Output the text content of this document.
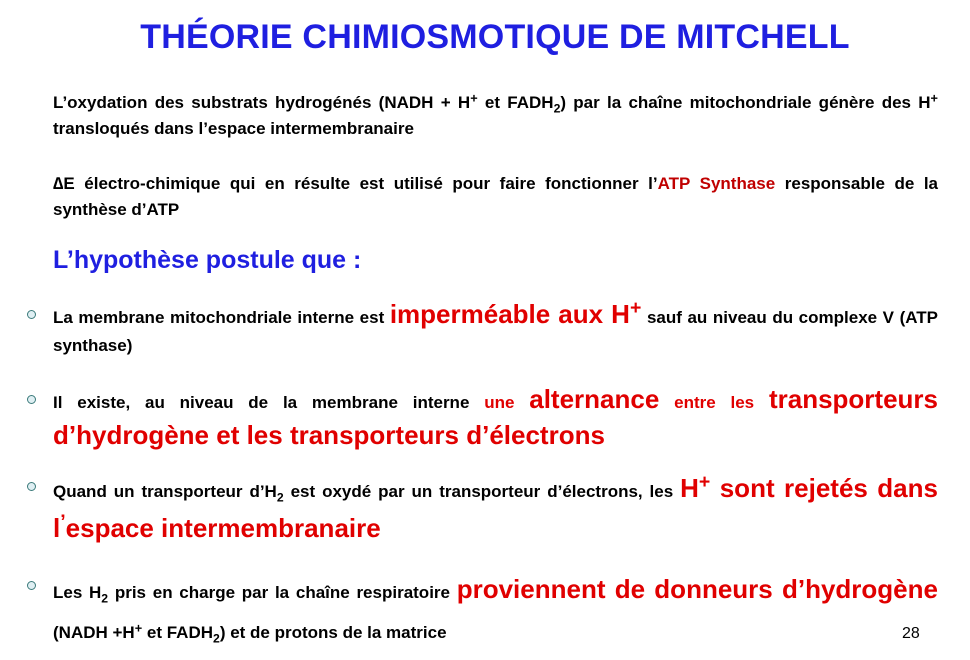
THÉORIE CHIMIOSMOTIQUE DE MITCHELL
L’oxydation des substrats hydrogénés (NADH + H+ et $FADH_2$) par la chaîne mitochondriale génère des H+ transloqués dans l’espace intermembranaire
∆E électro-chimique qui en résulte est utilisé pour faire fonctionner l’ATP Synthase responsable de la synthèse d’ATP
L’hypothèse postule que :
La membrane mitochondriale interne est imperméable aux H+ sauf au niveau du complexe V (ATP synthase)
Il existe, au niveau de la membrane interne une alternance entre les transporteurs d’hydrogène et les transporteurs d’électrons
Quand un transporteur $d’H_2$ est oxydé par un transporteur d’électrons, les H+ sont rejetés dans l’espace intermembranaire
Les $H_2$ pris en charge par la chaîne respiratoire proviennent de donneurs d’hydrogène (NADH +H+ et $FADH_2$) et de protons de la matrice	28
